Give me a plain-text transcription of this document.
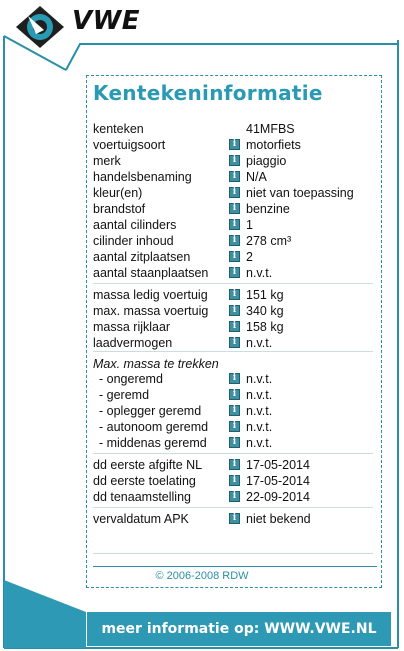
VWE
Kentekeninformatie
kenteken	41MFBS
voertuigsoort	i motorfiets
merk	i piaggio
handelsbenaming	i N/A
kleur(en)	i niet van toepassing
brandstof	i benzine
aantal cilinders	i 1
cilinder inhoud	i 278 cm³
aantal zitplaatsen	i 2
aantal staanplaatsen	i n.v.t.
massa ledig voertuig	i 151 kg
max. massa voertuig	i 340 kg
massa rijklaar	i 158 kg
laadvermogen	i n.v.t.
- ongeremd	i n.v.t.
- geremd	i n.v.t.
- oplegger geremd	i n.v.t.
- autonoom geremd	i n.v.t.
- middenas geremd	i n.v.t.
dd eerste afgifte NL	i 17-05-2014
dd eerste toelating	i 17-05-2014
dd tenaamstelling	i 22-09-2014
vervaldatum APK	i niet bekend
Max. massa te trekken
© 2006-2008 RDW
meer informatie op: WWW.VWE.NL
